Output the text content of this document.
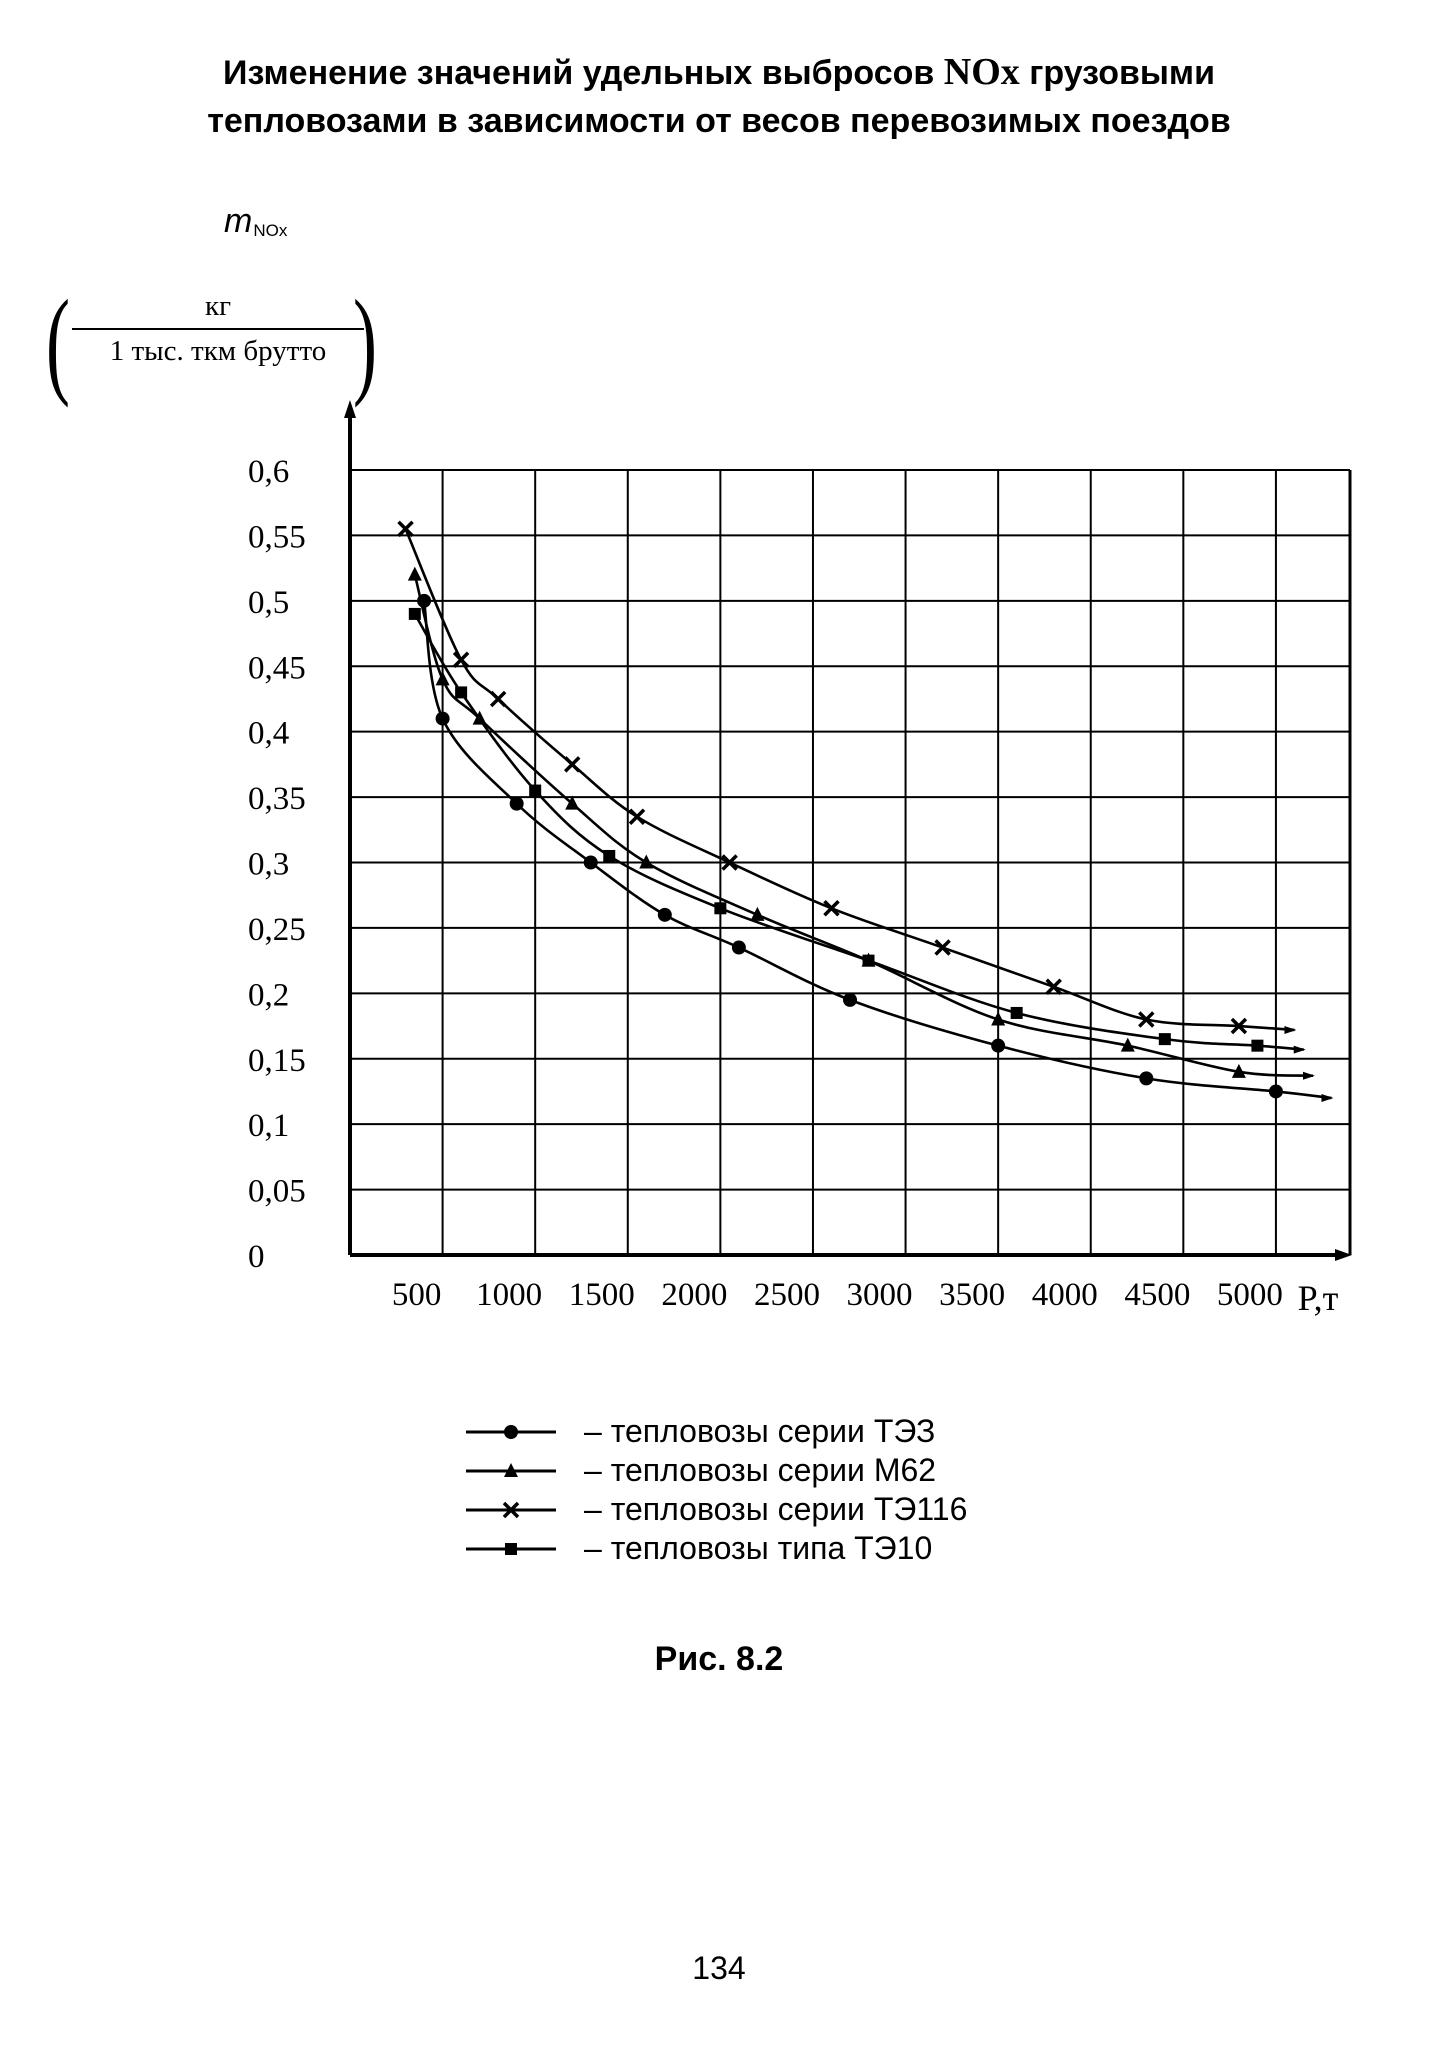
Изменение значений удельных выбросов NOx грузовыми
тепловозами в зависимости от весов перевозимых поездов
$m_{NOx}$
(	кг
1 тыс. ткм брутто )
0
0,05
0,1
0,15
0,2
0,25
0,3
0,35
0,4
0,45
0,5
0,55
0,6
500 1000 1500 2000 2500 3000 3500 4000 4500 5000 P,т
– тепловозы серии ТЭЗ
– тепловозы серии М62
– тепловозы серии ТЭ116
– тепловозы типа ТЭ10
Рис. 8.2
134
